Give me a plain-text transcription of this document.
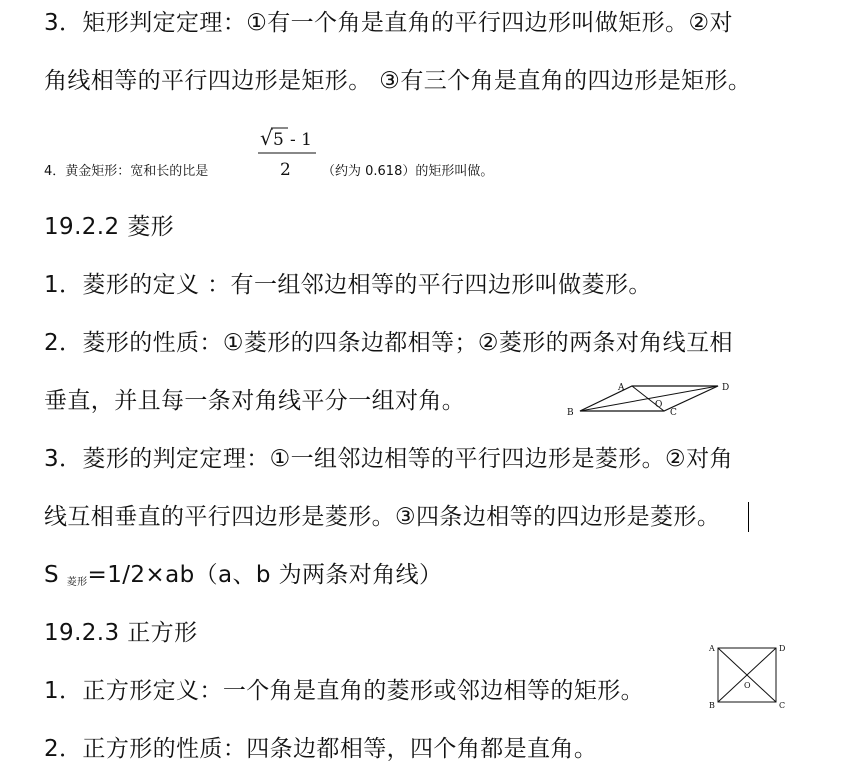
3．矩形判定定理：①有一个角是直角的平行四边形叫做矩形。②对
角线相等的平行四边形是矩形。 ③有三个角是直角的四边形是矩形。
4．黄金矩形：宽和长的比是
√ 5 - 1
2 （约为 0.618）的矩形叫做。
19.2.2 菱形
1．菱形的定义 ：有一组邻边相等的平行四边形叫做菱形。
2．菱形的性质：①菱形的四条边都相等；②菱形的两条对角线互相
垂直，并且每一条对角线平分一组对角。	A
B	C
D
O
3．菱形的判定定理：①一组邻边相等的平行四边形是菱形。②对角
线互相垂直的平行四边形是菱形。③四条边相等的四边形是菱形。
S $_{菱形}$=1/2×ab（a、b 为两条对角线）
19.2.3 正方形
1．正方形定义：一个角是直角的菱形或邻边相等的矩形。
A	D
B	C
O
2．正方形的性质：四条边都相等，四个角都是直角。
